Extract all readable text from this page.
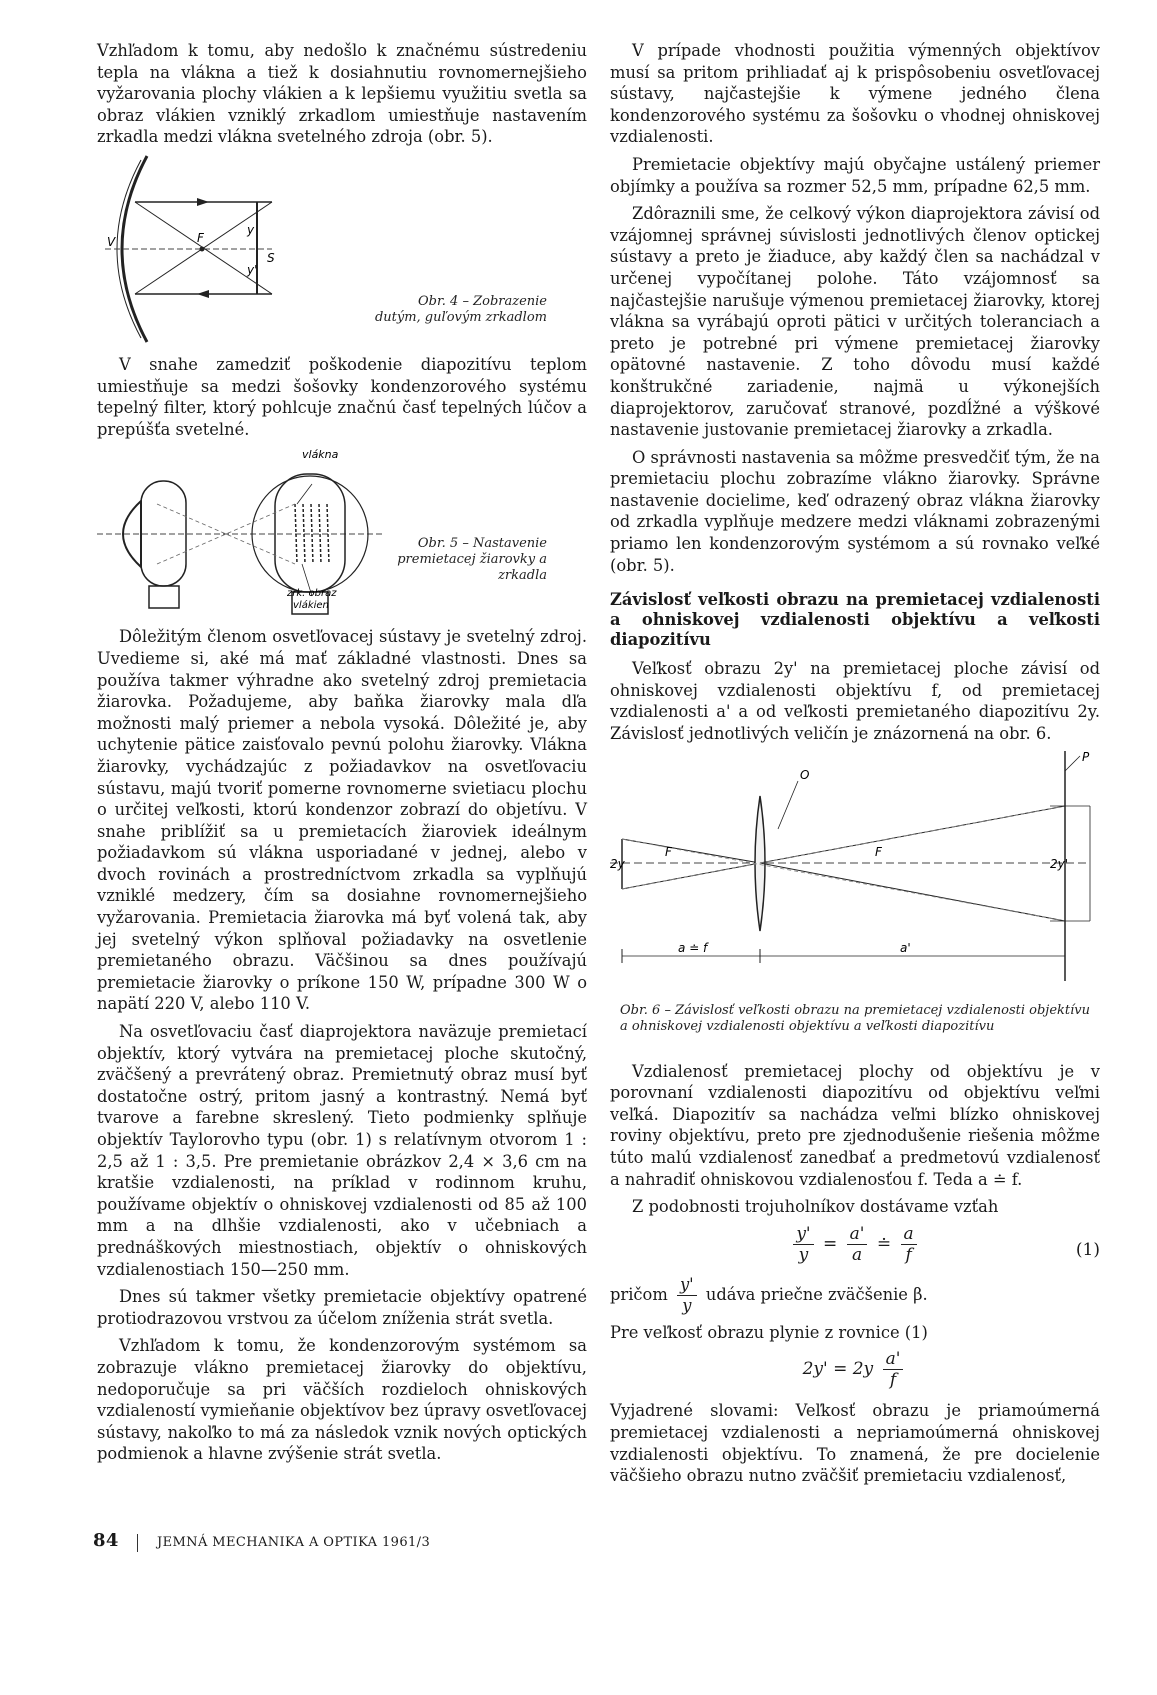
Vzhľadom k tomu, aby nedošlo k značnému sústredeniu tepla na vlákna a tiež k dosiahnutiu rovnomernejšieho vyžarovania plochy vlákien a k lepšiemu využitiu svetla sa obraz vlákien vzniklý zrkadlom umiestňuje nastavením zrkadla medzi vlákna svetelného zdroja (obr. 5).

V	F
y
S
y'
Obr. 4 – Zobrazenie dutým, guľovým zrkadlom

V snahe zamedziť poškodenie diapozitívu teplom umiestňuje sa medzi šošovky kondenzorového systému tepelný filter, ktorý pohlcuje značnú časť tepelných lúčov a prepúšťa svetelné.

vlákna
zrk. obraz
vlákien
Obr. 5 – Nastavenie premietacej žiarovky a zrkadla

Dôležitým členom osvetľovacej sústavy je svetelný zdroj. Uvedieme si, aké má mať základné vlastnosti. Dnes sa používa takmer výhradne ako svetelný zdroj premietacia žiarovka. Požadujeme, aby baňka žiarovky mala dľa možnosti malý priemer a nebola vysoká. Dôležité je, aby uchytenie pätice zaisťovalo pevnú polohu žiarovky. Vlákna žiarovky, vychádzajúc z požiadavkov na osvetľovaciu sústavu, majú tvoriť pomerne rovnomerne svietiacu plochu o určitej veľkosti, ktorú kondenzor zobrazí do objetívu. V snahe priblížiť sa u premietacích žiaroviek ideálnym požiadavkom sú vlákna usporiadané v jednej, alebo v dvoch rovinách a prostredníctvom zrkadla sa vyplňujú vzniklé medzery, čím sa dosiahne rovnomernejšieho vyžarovania. Premietacia žiarovka má byť volená tak, aby jej svetelný výkon splňoval požiadavky na osvetlenie premietaného obrazu. Väčšinou sa dnes používajú premietacie žiarovky o príkone 150 W, prípadne 300 W o napätí 220 V, alebo 110 V.

Na osvetľovaciu časť diaprojektora naväzuje premietací objektív, ktorý vytvára na premietacej ploche skutočný, zväčšený a prevrátený obraz. Premietnutý obraz musí byť dostatočne ostrý, pritom jasný a kontrastný. Nemá byť tvarove a farebne skreslený. Tieto podmienky splňuje objektív Taylorovho typu (obr. 1) s relatívnym otvorom 1 : 2,5 až 1 : 3,5. Pre premietanie obrázkov 2,4 × 3,6 cm na kratšie vzdialenosti, na príklad v rodinnom kruhu, používame objektív o ohniskovej vzdialenosti od 85 až 100 mm a na dlhšie vzdialenosti, ako v učebniach a prednáškových miestnostiach, objektív o ohniskových vzdialenostiach 150—250 mm.

Dnes sú takmer všetky premietacie objektívy opatrené protiodrazovou vrstvou za účelom zníženia strát svetla.

Vzhľadom k tomu, že kondenzorovým systémom sa zobrazuje vlákno premietacej žiarovky do objektívu, nedoporučuje sa pri väčších rozdieloch ohniskových vzdialeností vymieňanie objektívov bez úpravy osvetľovacej sústavy, nakoľko to má za následok vznik nových optických podmienok a hlavne zvýšenie strát svetla.

V prípade vhodnosti použitia výmenných objektívov musí sa pritom prihliadať aj k prispôsobeniu osvetľovacej sústavy, najčastejšie k výmene jedného člena kondenzorového systému za šošovku o vhodnej ohniskovej vzdialenosti.

Premietacie objektívy majú obyčajne ustálený priemer objímky a používa sa rozmer 52,5 mm, prípadne 62,5 mm.

Zdôraznili sme, že celkový výkon diaprojektora závisí od vzájomnej správnej súvislosti jednotlivých členov optickej sústavy a preto je žiaduce, aby každý člen sa nachádzal v určenej vypočítanej polohe. Táto vzájomnosť sa najčastejšie narušuje výmenou premietacej žiarovky, ktorej vlákna sa vyrábajú oproti pätici v určitých toleranciach a preto je potrebné pri výmene premietacej žiarovky opätovné nastavenie. Z toho dôvodu musí každé konštrukčné zariadenie, najmä u výkonejších diaprojektorov, zaručovať stranové, pozdĺžné a výškové nastavenie justovanie premietacej žiarovky a zrkadla.

O správnosti nastavenia sa môžme presvedčiť tým, že na premietaciu plochu zobrazíme vlákno žiarovky. Správne nastavenie docielime, keď odrazený obraz vlákna žiarovky od zrkadla vyplňuje medzere medzi vláknami zobrazenými priamo len kondenzorovým systémom a sú rovnako veľké (obr. 5).

Závislosť veľkosti obrazu na premietacej vzdialenosti a ohniskovej vzdialenosti objektívu a veľkosti diapozitívu

Veľkosť obrazu 2y' na premietacej ploche závisí od ohniskovej vzdialenosti objektívu f, od premietacej vzdialenosti a' a od veľkosti premietaného diapozitívu 2y. Závislosť jednotlivých veličín je znázornená na obr. 6.

P
O
2y
F	F
2y'
a ≐ f	a'
Obr. 6 – Závislosť veľkosti obrazu na premietacej vzdialenosti objektívu a ohniskovej vzdialenosti objektívu a veľkosti diapozitívu

Vzdialenosť premietacej plochy od objektívu je v porovnaní vzdialenosti diapozitívu od objektívu veľmi veľká. Diapozitív sa nachádza veľmi blízko ohniskovej roviny objektívu, preto pre zjednodušenie riešenia môžme túto malú vzdialenosť zanedbať a predmetovú vzdialenosť a nahradiť ohniskovou vzdialenosťou f. Teda a ≐ f.

Z podobnosti trojuholníkov dostávame vzťah

$\frac{y'}{y} = \frac{a'}{a}$ ≐ $\frac{a}{f}$	(1)

pričom $\frac{y'}{y}$ udáva priečne zväčšenie β.

Pre veľkosť obrazu plynie z rovnice (1)

$2y' = 2y \frac{a'}{f}$

Vyjadrené slovami: Veľkosť obrazu je priamoúmerná premietacej vzdialenosti a nepriamoúmerná ohniskovej vzdialenosti objektívu. To znamená, že pre docielenie väčšieho obrazu nutno zväčšiť premietaciu vzdialenosť,

84	JEMNÁ MECHANIKA A OPTIKA 1961/3
